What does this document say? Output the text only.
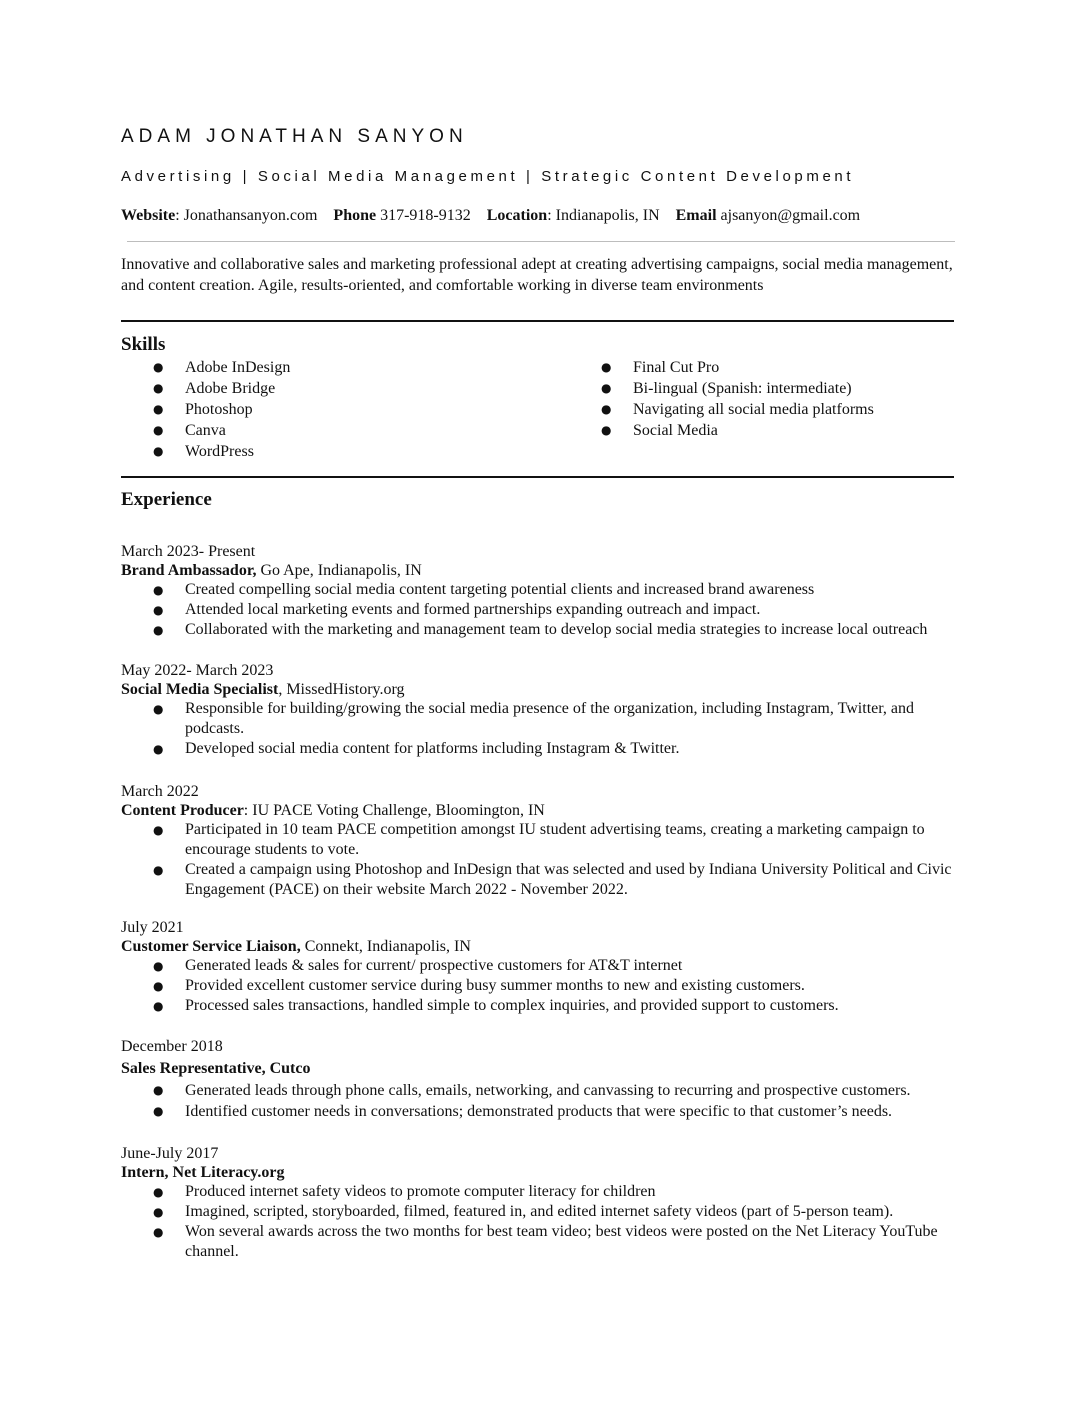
ADAM JONATHAN SANYON
Advertising | Social Media Management | Strategic Content Development
Website: Jonathansanyon.com Phone 317-918-9132 Location: Indianapolis, IN Email ajsanyon@gmail.com

Innovative and collaborative sales and marketing professional adept at creating advertising campaigns, social media management, and content creation. Agile, results-oriented, and comfortable working in diverse team environments

Skills
● Adobe InDesign
● Adobe Bridge
● Photoshop
● Canva
● WordPress
● Final Cut Pro
● Bi-lingual (Spanish: intermediate)
● Navigating all social media platforms
● Social Media
Experience
March 2023- Present
Brand Ambassador, Go Ape, Indianapolis, IN
● Created compelling social media content targeting potential clients and increased brand awareness
● Attended local marketing events and formed partnerships expanding outreach and impact.
● Collaborated with the marketing and management team to develop social media strategies to increase local outreach
May 2022- March 2023
Social Media Specialist, MissedHistory.org
● Responsible for building/growing the social media presence of the organization, including Instagram, Twitter, and podcasts.
● Developed social media content for platforms including Instagram & Twitter.
March 2022
Content Producer: IU PACE Voting Challenge, Bloomington, IN
● Participated in 10 team PACE competition amongst IU student advertising teams, creating a marketing campaign to encourage students to vote.
● Created a campaign using Photoshop and InDesign that was selected and used by Indiana University Political and Civic Engagement (PACE) on their website March 2022 - November 2022.
July 2021
Customer Service Liaison, Connekt, Indianapolis, IN
● Generated leads & sales for current/ prospective customers for AT&T internet
● Provided excellent customer service during busy summer months to new and existing customers.
● Processed sales transactions, handled simple to complex inquiries, and provided support to customers.
December 2018
Sales Representative, Cutco
● Generated leads through phone calls, emails, networking, and canvassing to recurring and prospective customers.
● Identified customer needs in conversations; demonstrated products that were specific to that customer’s needs.
June-July 2017
Intern, Net Literacy.org
● Produced internet safety videos to promote computer literacy for children
● Imagined, scripted, storyboarded, filmed, featured in, and edited internet safety videos (part of 5-person team).
● Won several awards across the two months for best team video; best videos were posted on the Net Literacy YouTube channel.
